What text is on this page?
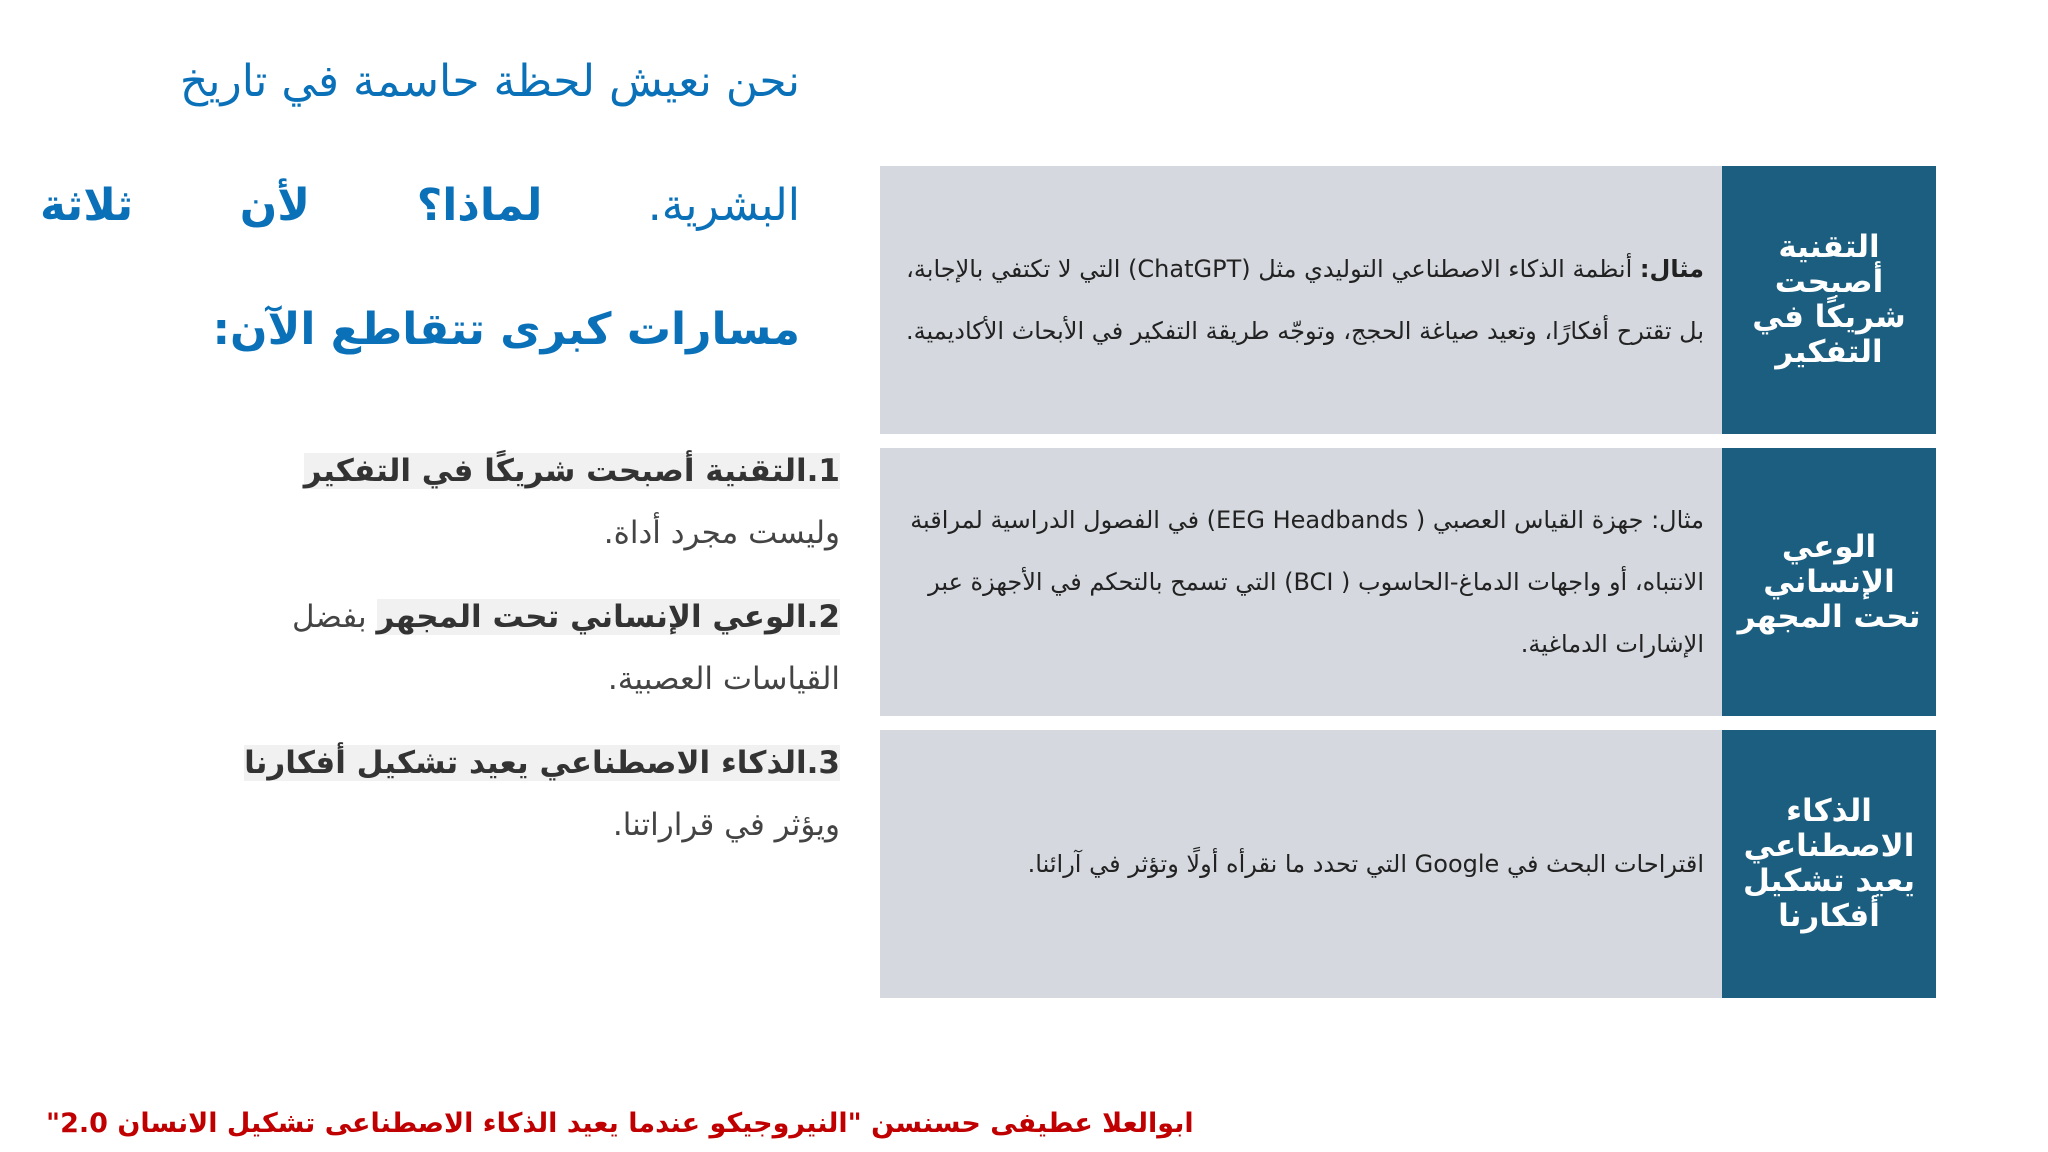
نحن نعيش لحظة حاسمة في تاريخ
البشرية. لماذا؟ لأن ثلاثة
مسارات كبرى تتقاطع الآن:
1.التقنية أصبحت شريكًا في التفكير وليست مجرد أداة.
2.الوعي الإنساني تحت المجهر بفضل القياسات العصبية.
3.الذكاء الاصطناعي يعيد تشكيل أفكارنا ويؤثر في قراراتنا.
التقنية أصبحت شريكًا في التفكير

مثال: أنظمة الذكاء الاصطناعي التوليدي مثل (ChatGPT) التي لا تكتفي بالإجابة، بل تقترح أفكارًا، وتعيد صياغة الحجج، وتوجّه طريقة التفكير في الأبحاث الأكاديمية.

الوعي الإنساني تحت المجهر

مثال: جهزة القياس العصبي ( EEG Headbands) في الفصول الدراسية لمراقبة الانتباه، أو واجهات الدماغ-الحاسوب ( BCI) التي تسمح بالتحكم في الأجهزة عبر الإشارات الدماغية.

الذكاء الاصطناعي يعيد تشكيل أفكارنا

اقتراحات البحث في Google التي تحدد ما نقرأه أولًا وتؤثر في آرائنا.

ابوالعلا عطيفى حسنسن "النيروجيكو عندما يعيد الذكاء الاصطناعى تشكيل الانسان 2.0"
